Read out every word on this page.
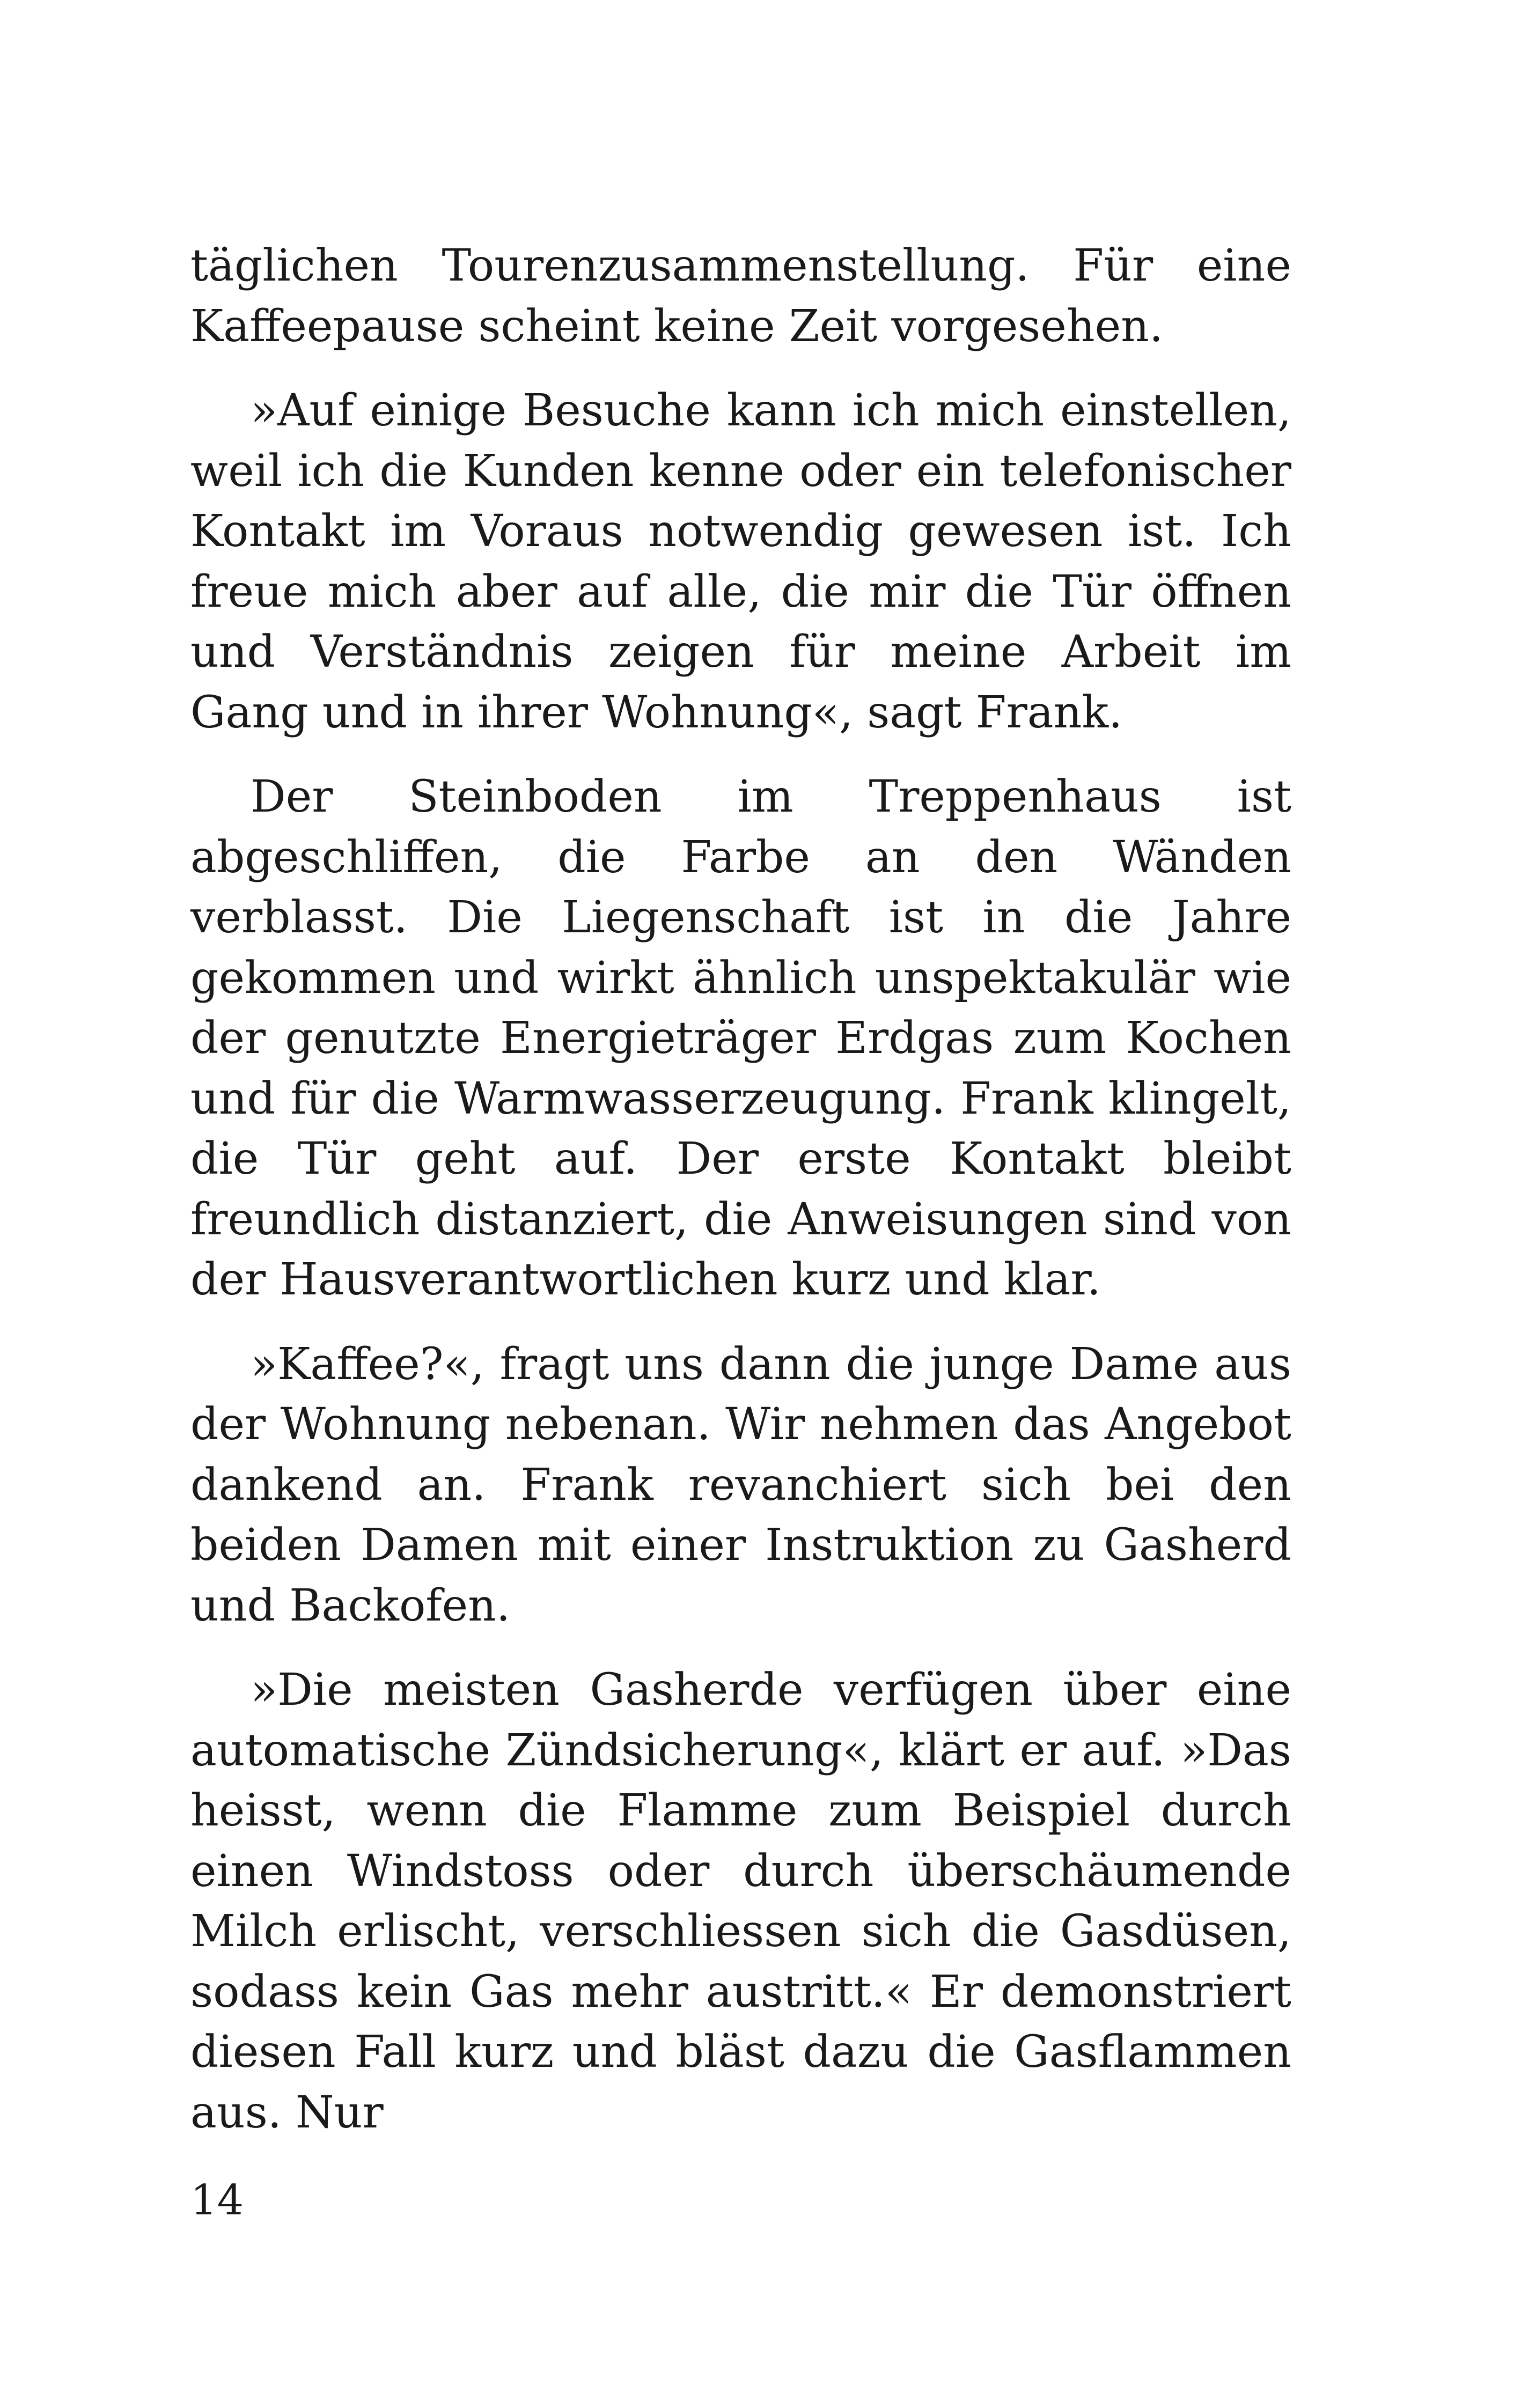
täglichen Tourenzusammenstellung. Für eine Kaffeepause scheint keine Zeit vorgesehen.

»Auf einige Besuche kann ich mich einstellen, weil ich die Kunden kenne oder ein telefonischer Kontakt im Voraus notwendig gewesen ist. Ich freue mich aber auf alle, die mir die Tür öffnen und Verständnis zeigen für meine Arbeit im Gang und in ihrer Wohnung«, sagt Frank.

Der Steinboden im Treppenhaus ist abgeschliffen, die Farbe an den Wänden verblasst. Die Liegenschaft ist in die Jahre gekommen und wirkt ähnlich unspektakulär wie der genutzte Energieträger Erdgas zum Kochen und für die Warmwasserzeugung. Frank klingelt, die Tür geht auf. Der erste Kontakt bleibt freundlich distanziert, die Anweisungen sind von der Hausverantwortlichen kurz und klar.

»Kaffee?«, fragt uns dann die junge Dame aus der Wohnung nebenan. Wir nehmen das Angebot dankend an. Frank revanchiert sich bei den beiden Damen mit einer Instruktion zu Gasherd und Backofen.

»Die meisten Gasherde verfügen über eine automatische Zündsicherung«, klärt er auf. »Das heisst, wenn die Flamme zum Beispiel durch einen Windstoss oder durch überschäumende Milch erlischt, verschliessen sich die Gasdüsen, sodass kein Gas mehr austritt.« Er demonstriert diesen Fall kurz und bläst dazu die Gasflammen aus. Nur

14
